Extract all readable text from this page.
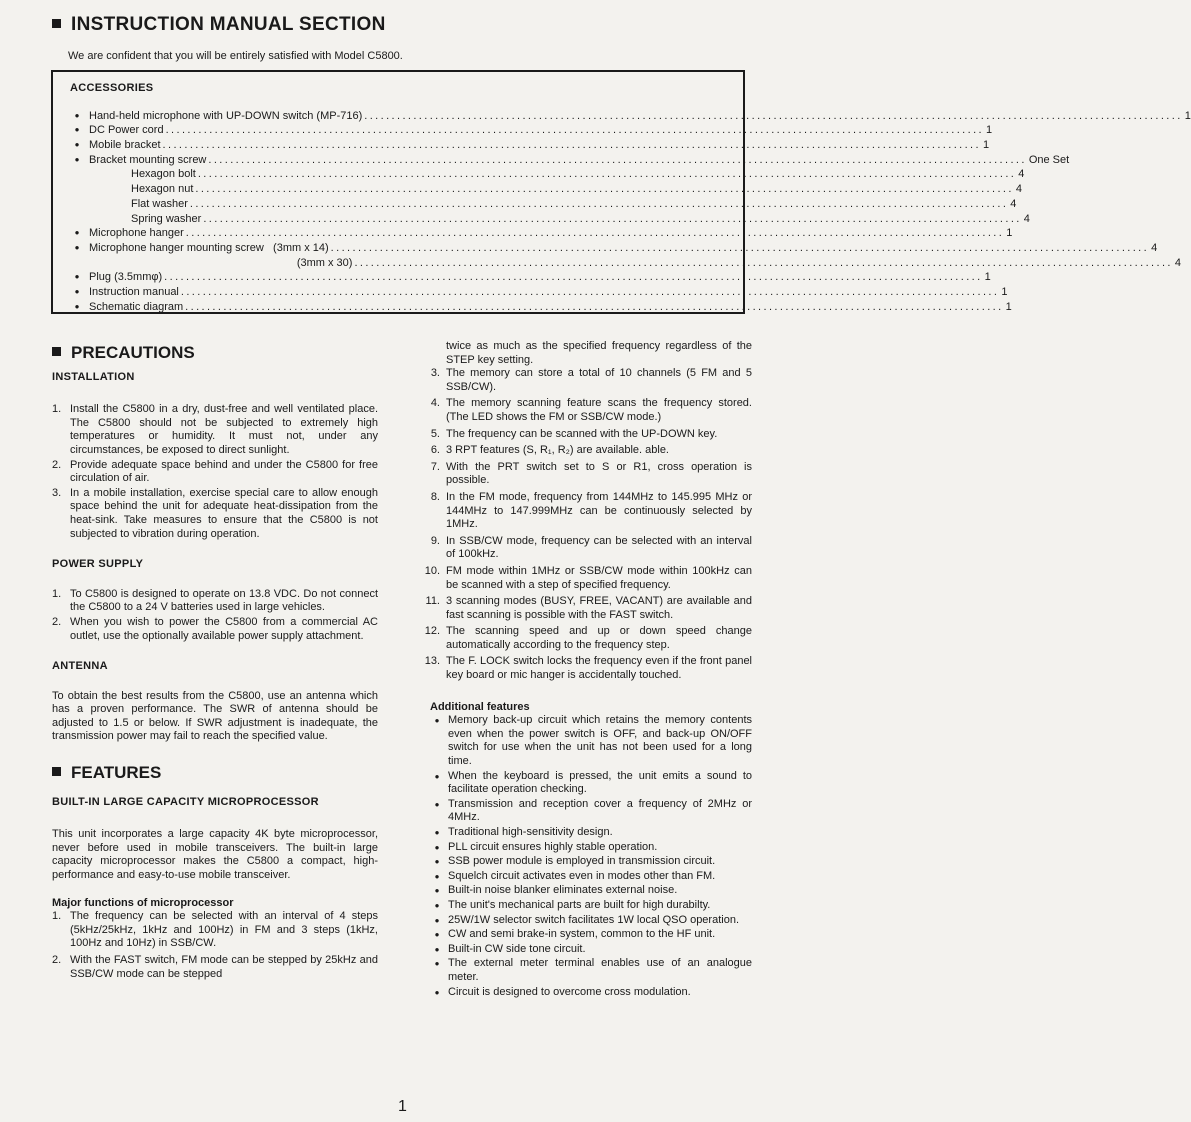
INSTRUCTION MANUAL SECTION
We are confident that you will be entirely satisfied with Model C5800.
ACCESSORIES
● Hand-held microphone with UP-DOWN switch (MP-716) ...................................................................................................................................................... 1
● DC Power cord ...................................................................................................................................................... 1
● Mobile bracket ...................................................................................................................................................... 1
● Bracket mounting screw ...................................................................................................................................................... One Set
Hexagon bolt ...................................................................................................................................................... 4
Hexagon nut ...................................................................................................................................................... 4
Flat washer ...................................................................................................................................................... 4
Spring washer ...................................................................................................................................................... 4
● Microphone hanger ...................................................................................................................................................... 1
● Microphone hanger mounting screw   (3mm x 14) ...................................................................................................................................................... 4
(3mm x 30) ...................................................................................................................................................... 4
● Plug (3.5mmφ) ...................................................................................................................................................... 1
● Instruction manual ...................................................................................................................................................... 1
● Schematic diagram ...................................................................................................................................................... 1
PRECAUTIONS
INSTALLATION
1. Install the C5800 in a dry, dust-free and well ventilated place. The C5800 should not be subjected to extremely high temperatures or humidity. It must not, under any circumstances, be exposed to direct sunlight.
2. Provide adequate space behind and under the C5800 for free circulation of air.
3. In a mobile installation, exercise special care to allow enough space behind the unit for adequate heat-dissipation from the heat-sink. Take measures to ensure that the C5800 is not subjected to vibration during operation.
POWER SUPPLY
1. To C5800 is designed to operate on 13.8 VDC. Do not connect the C5800 to a 24 V batteries used in large vehicles.
2. When you wish to power the C5800 from a commercial AC outlet, use the optionally available power supply attachment.
ANTENNA

To obtain the best results from the C5800, use an antenna which has a proven performance. The SWR of antenna should be adjusted to 1.5 or below. If SWR adjustment is inadequate, the transmission power may fail to reach the specified value.

FEATURES
BUILT-IN LARGE CAPACITY MICROPROCESSOR

This unit incorporates a large capacity 4K byte microprocessor, never before used in mobile transceivers. The built-in large capacity microprocessor makes the C5800 a compact, high-performance and easy-to-use mobile transceiver.

Major functions of microprocessor

1. The frequency can be selected with an interval of 4 steps (5kHz/25kHz, 1kHz and 100Hz) in FM and 3 steps (1kHz, 100Hz and 10Hz) in SSB/CW.
2. With the FAST switch, FM mode can be stepped by 25kHz and SSB/CW mode can be stepped

twice as much as the specified frequency regardless of the STEP key setting.

3. The memory can store a total of 10 channels (5 FM and 5 SSB/CW).
4. The memory scanning feature scans the frequency stored. (The LED shows the FM or SSB/CW mode.)
5. The frequency can be scanned with the UP-DOWN key.
6. 3 RPT features (S, R₁, R₂) are available. able.
7. With the PRT switch set to S or R1, cross operation is possible.
8. In the FM mode, frequency from 144MHz to 145.995 MHz or 144MHz to 147.999MHz can be continuously selected by 1MHz.
9. In SSB/CW mode, frequency can be selected with an interval of 100kHz.
10. FM mode within 1MHz or SSB/CW mode within 100kHz can be scanned with a step of specified frequency.
11. 3 scanning modes (BUSY, FREE, VACANT) are available and fast scanning is possible with the FAST switch.
12. The scanning speed and up or down speed change automatically according to the frequency step.
13. The F. LOCK switch locks the frequency even if the front panel key board or mic hanger is accidentally touched.

Additional features

● Memory back-up circuit which retains the memory contents even when the power switch is OFF, and back-up ON/OFF switch for use when the unit has not been used for a long time.
● When the keyboard is pressed, the unit emits a sound to facilitate operation checking.
● Transmission and reception cover a frequency of 2MHz or 4MHz.
● Traditional high-sensitivity design.
● PLL circuit ensures highly stable operation.
● SSB power module is employed in transmission circuit.
● Squelch circuit activates even in modes other than FM.
● Built-in noise blanker eliminates external noise.
● The unit's mechanical parts are built for high durabilty.
● 25W/1W selector switch facilitates 1W local QSO operation.
● CW and semi brake-in system, common to the HF unit.
● Built-in CW side tone circuit.
● The external meter terminal enables use of an analogue meter.
● Circuit is designed to overcome cross modulation.
1
